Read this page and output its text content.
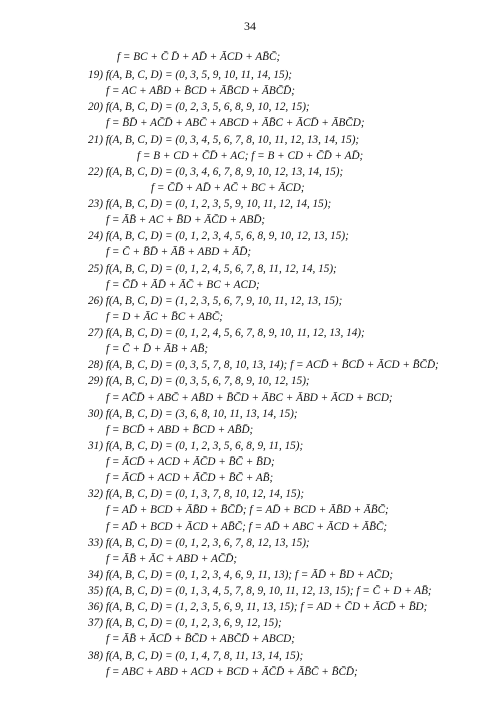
34
f = BC + C̄ D̄ + AD̄ + ĀCD + AB̄C̄;
19) f(A, B, C, D) = (0, 3, 5, 9, 10, 11, 14, 15);
f = AC + AB̄D + B̄CD + ĀB̄CD + ĀBC̄D̄;
20) f(A, B, C, D) = (0, 2, 3, 5, 6, 8, 9, 10, 12, 15);
f = B̄D̄ + AC̄D̄ + ABC̄ + ABCD + ĀB̄C + ĀCD̄ + ĀBC̄D;
21) f(A, B, C, D) = (0, 3, 4, 5, 6, 7, 8, 10, 11, 12, 13, 14, 15);
f = B + CD + C̄D̄ + AC; f = B + CD + C̄D̄ + AD̄;
22) f(A, B, C, D) = (0, 3, 4, 6, 7, 8, 9, 10, 12, 13, 14, 15);
f = C̄D̄ + AD̄ + AC̄ + BC + ĀCD;
23) f(A, B, C, D) = (0, 1, 2, 3, 5, 9, 10, 11, 12, 14, 15);
f = ĀB̄ + AC + B̄D + ĀC̄D + ABD̄;
24) f(A, B, C, D) = (0, 1, 2, 3, 4, 5, 6, 8, 9, 10, 12, 13, 15);
f = C̄ + B̄D̄ + ĀB̄ + ABD + ĀD̄;
25) f(A, B, C, D) = (0, 1, 2, 4, 5, 6, 7, 8, 11, 12, 14, 15);
f = C̄D̄ + ĀD̄ + ĀC̄ + BC + ACD;
26) f(A, B, C, D) = (1, 2, 3, 5, 6, 7, 9, 10, 11, 12, 13, 15);
f = D + ĀC + B̄C + ABC̄;
27) f(A, B, C, D) = (0, 1, 2, 4, 5, 6, 7, 8, 9, 10, 11, 12, 13, 14);
f = C̄ + D̄ + ĀB + AB̄;
28) f(A, B, C, D) = (0, 3, 5, 7, 8, 10, 13, 14); f = ACD̄ + B̄CD̄ + ĀCD + B̄C̄D̄;
29) f(A, B, C, D) = (0, 3, 5, 6, 7, 8, 9, 10, 12, 15);
f = AC̄D̄ + ABC̄ + AB̄D + B̄C̄D + ĀBC + ĀBD + ĀCD + BCD;
30) f(A, B, C, D) = (3, 6, 8, 10, 11, 13, 14, 15);
f = BCD̄ + ABD + B̄CD + AB̄D̄;
31) f(A, B, C, D) = (0, 1, 2, 3, 5, 6, 8, 9, 11, 15);
f = ĀCD̄ + ACD + ĀC̄D + B̄C̄ + B̄D;
f = ĀCD̄ + ACD + ĀC̄D + B̄C̄ + AB̄;
32) f(A, B, C, D) = (0, 1, 3, 7, 8, 10, 12, 14, 15);
f = AD̄ + BCD + ĀB̄D + B̄C̄D̄; f = AD̄ + BCD + ĀB̄D + ĀB̄C̄;
f = AD̄ + BCD + ĀCD + AB̄C̄; f = AD̄ + ABC + ĀCD + ĀB̄C̄;
33) f(A, B, C, D) = (0, 1, 2, 3, 6, 7, 8, 12, 13, 15);
f = ĀB̄ + ĀC + ABD + AC̄D̄;
34) f(A, B, C, D) = (0, 1, 2, 3, 4, 6, 9, 11, 13); f = ĀD̄ + B̄D + AC̄D;
35) f(A, B, C, D) = (0, 1, 3, 4, 5, 7, 8, 9, 10, 11, 12, 13, 15); f = C̄ + D + AB̄;
36) f(A, B, C, D) = (1, 2, 3, 5, 6, 9, 11, 13, 15); f = AD + C̄D + ĀCD̄ + B̄D;
37) f(A, B, C, D) = (0, 1, 2, 3, 6, 9, 12, 15);
f = ĀB̄ + ĀCD̄ + B̄C̄D + ABC̄D̄ + ABCD;
38) f(A, B, C, D) = (0, 1, 4, 7, 8, 11, 13, 14, 15);
f = ABC + ABD + ACD + BCD + ĀC̄D̄ + ĀB̄C̄ + B̄C̄D̄;
